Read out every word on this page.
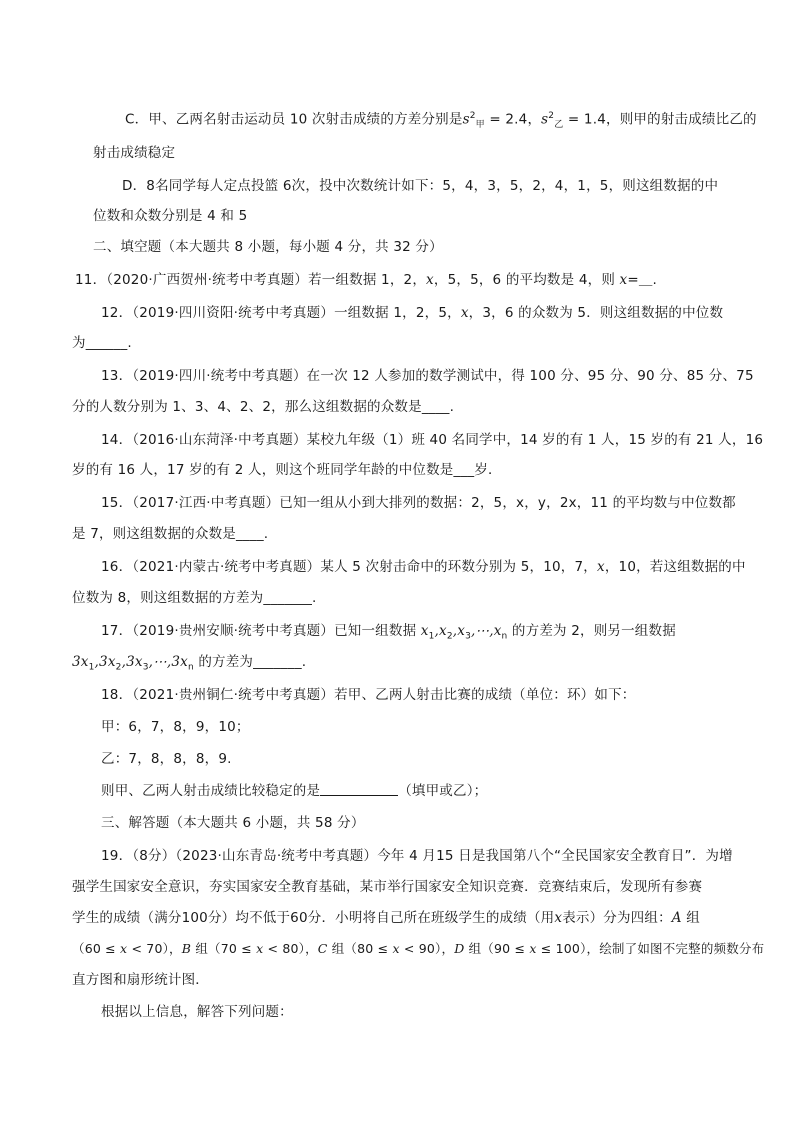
C．甲、乙两名射击运动员 10 次射击成绩的方差分别是$s^2_甲 = 2.4$，$s^2_乙 = 1.4$，则甲的射击成绩比乙的
射击成绩稳定
D．8名同学每人定点投篮 6次，投中次数统计如下：5，4，3，5，2，4，1，5，则这组数据的中
位数和众数分别是 4 和 5
二、填空题（本大题共 8 小题，每小题 4 分，共 32 分）
11．（2020·广西贺州·统考中考真题）若一组数据 1，2，x，5，5，6 的平均数是 4，则 x=＿.
12．（2019·四川资阳·统考中考真题）一组数据 1，2，5，x，3，6 的众数为 5．则这组数据的中位数
为______.
13．（2019·四川·统考中考真题）在一次 12 人参加的数学测试中，得 100 分、95 分、90 分、85 分、75
分的人数分别为 1、3、4、2、2，那么这组数据的众数是____.
14．（2016·山东菏泽·中考真题）某校九年级（1）班 40 名同学中，14 岁的有 1 人，15 岁的有 21 人，16
岁的有 16 人，17 岁的有 2 人，则这个班同学年龄的中位数是___岁．
15．（2017·江西·中考真题）已知一组从小到大排列的数据：2，5，x，y，2x，11 的平均数与中位数都
是 7，则这组数据的众数是____.
16．（2021·内蒙古·统考中考真题）某人 5 次射击命中的环数分别为 5，10，7，x，10，若这组数据的中
位数为 8，则这组数据的方差为_______.
17．（2019·贵州安顺·统考中考真题）已知一组数据 $x_1,x_2,x_3,\cdots,x_n$ 的方差为 2，则另一组数据
$3x_1,3x_2,3x_3,\cdots,3x_n$ 的方差为_______.
18．（2021·贵州铜仁·统考中考真题）若甲、乙两人射击比赛的成绩（单位：环）如下：
甲：6，7，8，9，10；
乙：7，8，8，8，9.
则甲、乙两人射击成绩比较稳定的是	（填甲或乙）；
三、解答题（本大题共 6 小题，共 58 分）
19．（8分）（2023·山东青岛·统考中考真题）今年 4 月15 日是我国第八个“全民国家安全教育日”．为增
强学生国家安全意识，夯实国家安全教育基础，某市举行国家安全知识竞赛．竞赛结束后，发现所有参赛
学生的成绩（满分100分）均不低于60分．小明将自己所在班级学生的成绩（用x表示）分为四组：A 组
（60 ≤ x < 70），B 组（70 ≤ x < 80），C 组（80 ≤ x < 90），D 组（90 ≤ x ≤ 100），绘制了如图不完整的频数分布
直方图和扇形统计图．
根据以上信息，解答下列问题：
